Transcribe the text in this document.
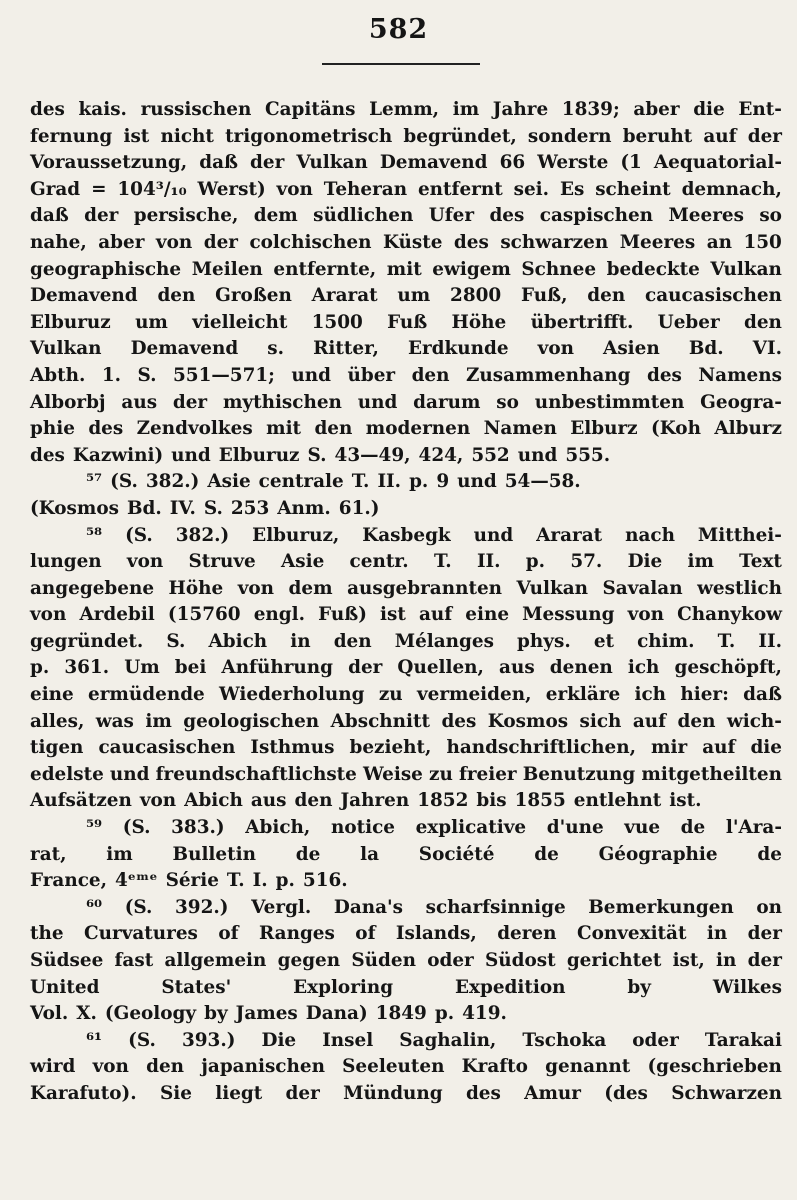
582
des kais. russischen Capitäns Lemm, im Jahre 1839; aber die Ent-
fernung ist nicht trigonometrisch begründet, sondern beruht auf der
Voraussetzung, daß der Vulkan Demavend 66 Werste (1 Aequatorial-
Grad = 104³/₁₀ Werst) von Teheran entfernt sei. Es scheint demnach,
daß der persische, dem südlichen Ufer des caspischen Meeres so
nahe, aber von der colchischen Küste des schwarzen Meeres an 150
geographische Meilen entfernte, mit ewigem Schnee bedeckte Vulkan
Demavend den Großen Ararat um 2800 Fuß, den caucasischen
Elburuz um vielleicht 1500 Fuß Höhe übertrifft. Ueber den
Vulkan Demavend s. Ritter, Erdkunde von Asien Bd. VI.
Abth. 1. S. 551—571; und über den Zusammenhang des Namens
Alborbj aus der mythischen und darum so unbestimmten Geogra-
phie des Zendvolkes mit den modernen Namen Elburz (Koh Alburz
des Kazwini) und Elburuz S. 43—49, 424, 552 und 555.
⁵⁷ (S. 382.) Asie centrale T. II. p. 9 und 54—58.
(Kosmos Bd. IV. S. 253 Anm. 61.)
⁵⁸ (S. 382.) Elburuz, Kasbegk und Ararat nach Mitthei-
lungen von Struve Asie centr. T. II. p. 57. Die im Text
angegebene Höhe von dem ausgebrannten Vulkan Savalan westlich
von Ardebil (15760 engl. Fuß) ist auf eine Messung von Chanykow
gegründet. S. Abich in den Mélanges phys. et chim. T. II.
p. 361. Um bei Anführung der Quellen, aus denen ich geschöpft,
eine ermüdende Wiederholung zu vermeiden, erkläre ich hier: daß
alles, was im geologischen Abschnitt des Kosmos sich auf den wich-
tigen caucasischen Isthmus bezieht, handschriftlichen, mir auf die
edelste und freundschaftlichste Weise zu freier Benutzung mitgetheilten
Aufsätzen von Abich aus den Jahren 1852 bis 1855 entlehnt ist.
⁵⁹ (S. 383.) Abich, notice explicative d'une vue de l'Ara-
rat, im Bulletin de la Société de Géographie de
France, 4ᵉᵐᵉ Série T. I. p. 516.
⁶⁰ (S. 392.) Vergl. Dana's scharfsinnige Bemerkungen on
the Curvatures of Ranges of Islands, deren Convexität in der
Südsee fast allgemein gegen Süden oder Südost gerichtet ist, in der
United	States'	Exploring	Expedition	by	Wilkes
Vol. X. (Geology by James Dana) 1849 p. 419.
⁶¹ (S. 393.) Die Insel Saghalin, Tschoka oder Tarakai
wird von den japanischen Seeleuten Krafto genannt (geschrieben
Karafuto). Sie liegt der Mündung des Amur (des Schwarzen
